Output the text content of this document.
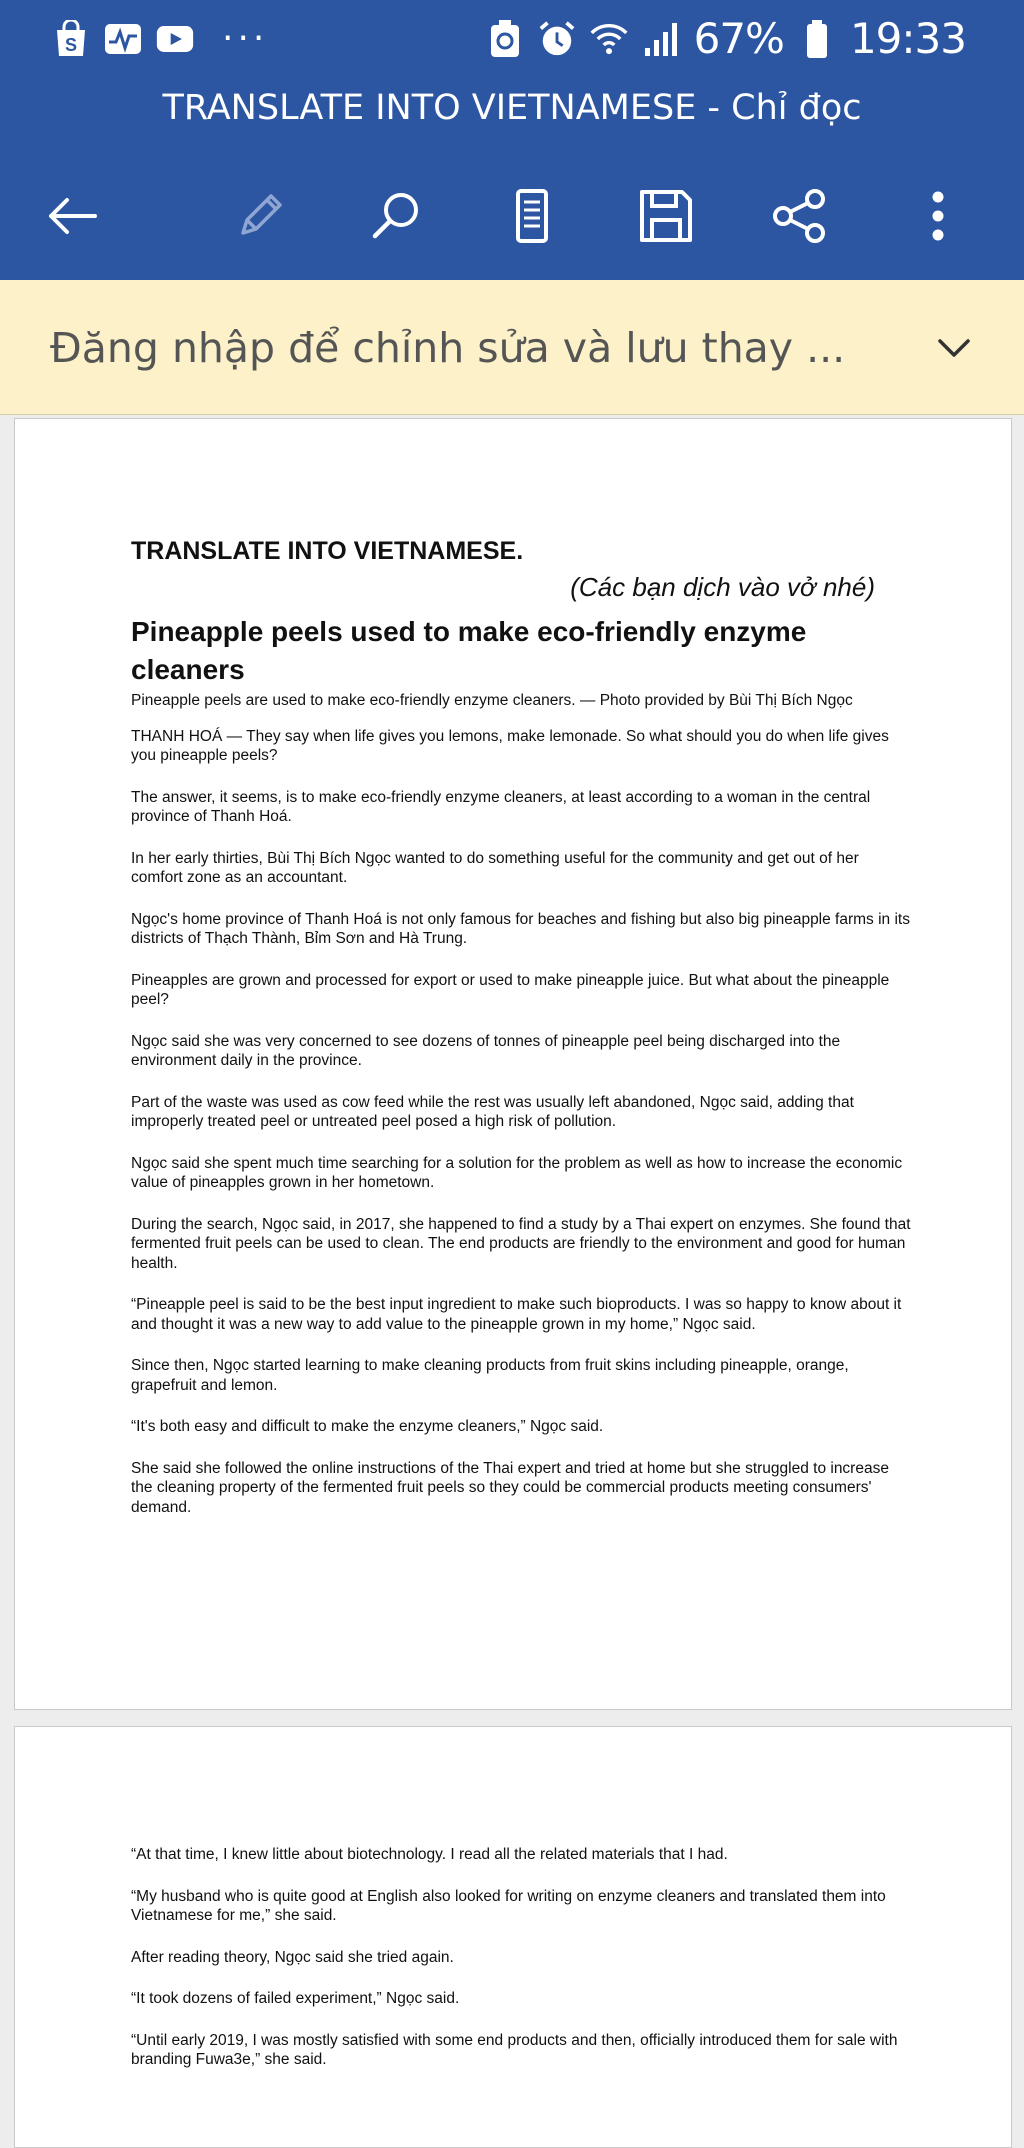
S	···	67% 19:33
TRANSLATE INTO VIETNAMESE - Chỉ đọc
Đăng nhập để chỉnh sửa và lưu thay ...
TRANSLATE INTO VIETNAMESE.
(Các bạn dịch vào vở nhé)
Pineapple peels used to make eco-friendly enzyme cleaners

Pineapple peels are used to make eco-friendly enzyme cleaners. — Photo provided by Bùi Thị Bích Ngọc

THANH HOÁ — They say when life gives you lemons, make lemonade. So what should you do when life gives you pineapple peels?

The answer, it seems, is to make eco-friendly enzyme cleaners, at least according to a woman in the central province of Thanh Hoá.

In her early thirties, Bùi Thị Bích Ngọc wanted to do something useful for the community and get out of her comfort zone as an accountant.

Ngọc's home province of Thanh Hoá is not only famous for beaches and fishing but also big pineapple farms in its districts of Thạch Thành, Bỉm Sơn and Hà Trung.

Pineapples are grown and processed for export or used to make pineapple juice. But what about the pineapple peel?

Ngọc said she was very concerned to see dozens of tonnes of pineapple peel being discharged into the environment daily in the province.

Part of the waste was used as cow feed while the rest was usually left abandoned, Ngọc said, adding that improperly treated peel or untreated peel posed a high risk of pollution.

Ngọc said she spent much time searching for a solution for the problem as well as how to increase the economic value of pineapples grown in her hometown.

During the search, Ngọc said, in 2017, she happened to find a study by a Thai expert on enzymes. She found that fermented fruit peels can be used to clean. The end products are friendly to the environment and good for human health.

“Pineapple peel is said to be the best input ingredient to make such bioproducts. I was so happy to know about it and thought it was a new way to add value to the pineapple grown in my home,” Ngọc said.

Since then, Ngọc started learning to make cleaning products from fruit skins including pineapple, orange, grapefruit and lemon.

“It's both easy and difficult to make the enzyme cleaners,” Ngọc said.

She said she followed the online instructions of the Thai expert and tried at home but she struggled to increase the cleaning property of the fermented fruit peels so they could be commercial products meeting consumers' demand.

“At that time, I knew little about biotechnology. I read all the related materials that I had.

“My husband who is quite good at English also looked for writing on enzyme cleaners and translated them into Vietnamese for me,” she said.

After reading theory, Ngọc said she tried again.

“It took dozens of failed experiment,” Ngọc said.

“Until early 2019, I was mostly satisfied with some end products and then, officially introduced them for sale with branding Fuwa3e,” she said.
